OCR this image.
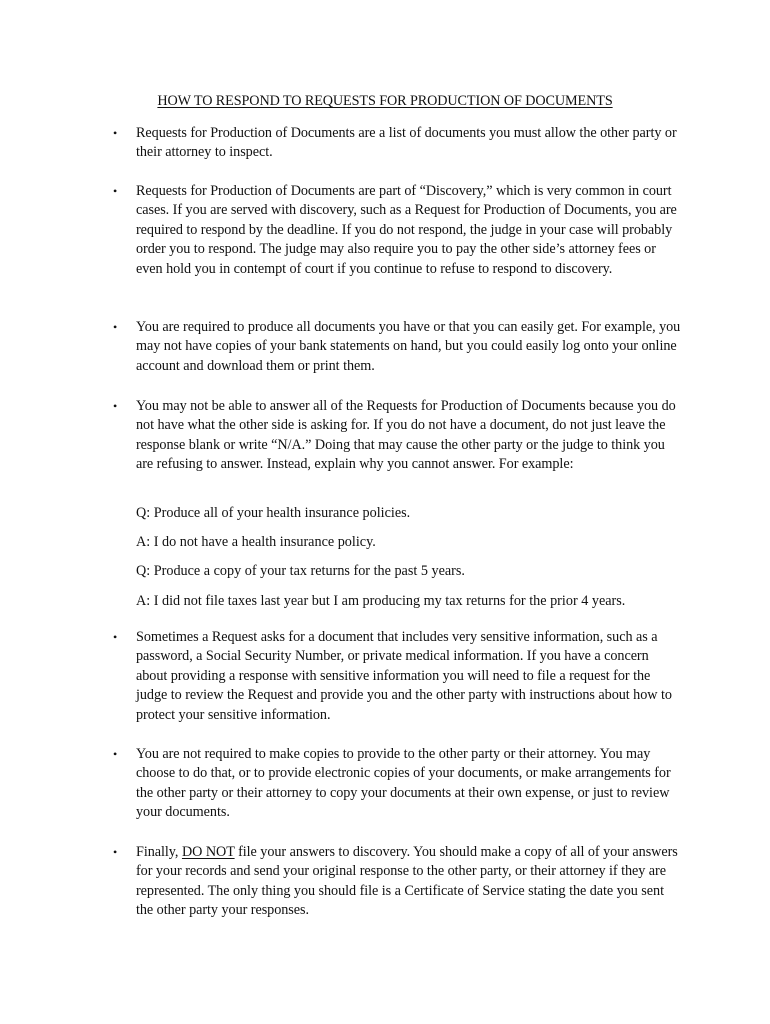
HOW TO RESPOND TO REQUESTS FOR PRODUCTION OF DOCUMENTS
•	Requests for Production of Documents are a list of documents you must allow the other party or their attorney to inspect.
•	Requests for Production of Documents are part of “Discovery,” which is very common in court cases. If you are served with discovery, such as a Request for Production of Documents, you are required to respond by the deadline. If you do not respond, the judge in your case will probably order you to respond. The judge may also require you to pay the other side’s attorney fees or even hold you in contempt of court if you continue to refuse to respond to discovery.
•	You are required to produce all documents you have or that you can easily get. For example, you may not have copies of your bank statements on hand, but you could easily log onto your online account and download them or print them.
•	You may not be able to answer all of the Requests for Production of Documents because you do not have what the other side is asking for. If you do not have a document, do not just leave the response blank or write “N/A.” Doing that may cause the other party or the judge to think you are refusing to answer. Instead, explain why you cannot answer. For example:
Q: Produce all of your health insurance policies.
A: I do not have a health insurance policy.
Q: Produce a copy of your tax returns for the past 5 years.
A: I did not file taxes last year but I am producing my tax returns for the prior 4 years.
•	Sometimes a Request asks for a document that includes very sensitive information, such as a password, a Social Security Number, or private medical information. If you have a concern about providing a response with sensitive information you will need to file a request for the judge to review the Request and provide you and the other party with instructions about how to protect your sensitive information.
•	You are not required to make copies to provide to the other party or their attorney. You may choose to do that, or to provide electronic copies of your documents, or make arrangements for the other party or their attorney to copy your documents at their own expense, or just to review your documents.
•	Finally, DO NOT file your answers to discovery. You should make a copy of all of your answers for your records and send your original response to the other party, or their attorney if they are represented. The only thing you should file is a Certificate of Service stating the date you sent the other party your responses.
